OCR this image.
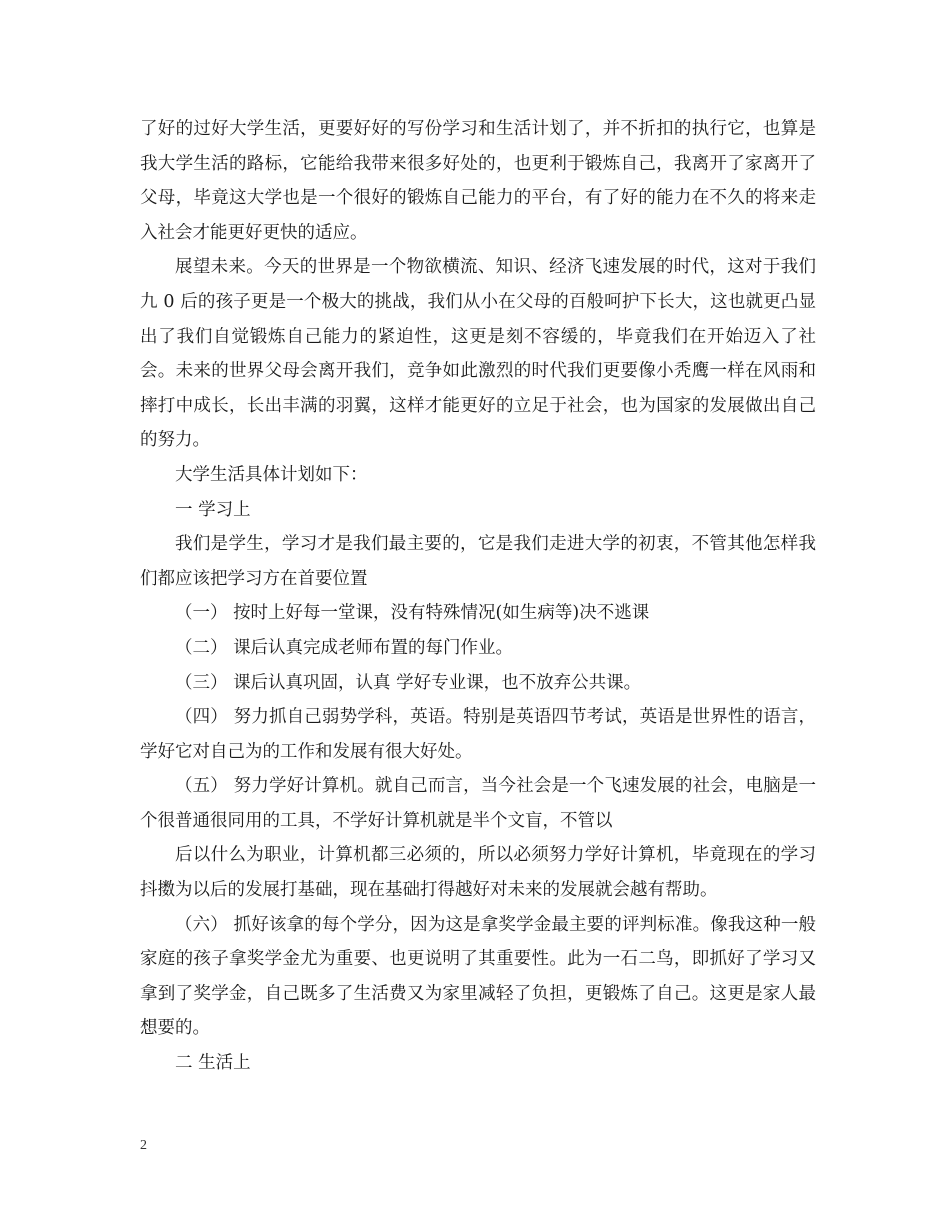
了好的过好大学生活，更要好好的写份学习和生活计划了，并不折扣的执行它，也算是我大学生活的路标，它能给我带来很多好处的，也更利于锻炼自己，我离开了家离开了父母，毕竟这大学也是一个很好的锻炼自己能力的平台，有了好的能力在不久的将来走入社会才能更好更快的适应。

展望未来。今天的世界是一个物欲横流、知识、经济飞速发展的时代，这对于我们九 0 后的孩子更是一个极大的挑战，我们从小在父母的百般呵护下长大，这也就更凸显出了我们自觉锻炼自己能力的紧迫性，这更是刻不容缓的，毕竟我们在开始迈入了社会。未来的世界父母会离开我们，竞争如此激烈的时代我们更要像小秃鹰一样在风雨和摔打中成长，长出丰满的羽翼，这样才能更好的立足于社会，也为国家的发展做出自己的努力。

大学生活具体计划如下：

一 学习上

我们是学生，学习才是我们最主要的，它是我们走进大学的初衷，不管其他怎样我们都应该把学习方在首要位置

（一） 按时上好每一堂课，没有特殊情况(如生病等)决不逃课

（二） 课后认真完成老师布置的每门作业。

（三） 课后认真巩固，认真 学好专业课，也不放弃公共课。

（四） 努力抓自己弱势学科，英语。特别是英语四节考试，英语是世界性的语言，学好它对自己为的工作和发展有很大好处。

（五） 努力学好计算机。就自己而言，当今社会是一个飞速发展的社会，电脑是一个很普通很同用的工具，不学好计算机就是半个文盲，不管以

后以什么为职业，计算机都三必须的，所以必须努力学好计算机，毕竟现在的学习抖擞为以后的发展打基础，现在基础打得越好对未来的发展就会越有帮助。

（六） 抓好该拿的每个学分，因为这是拿奖学金最主要的评判标准。像我这种一般家庭的孩子拿奖学金尤为重要、也更说明了其重要性。此为一石二鸟，即抓好了学习又拿到了奖学金，自己既多了生活费又为家里减轻了负担，更锻炼了自己。这更是家人最想要的。

二 生活上

2
